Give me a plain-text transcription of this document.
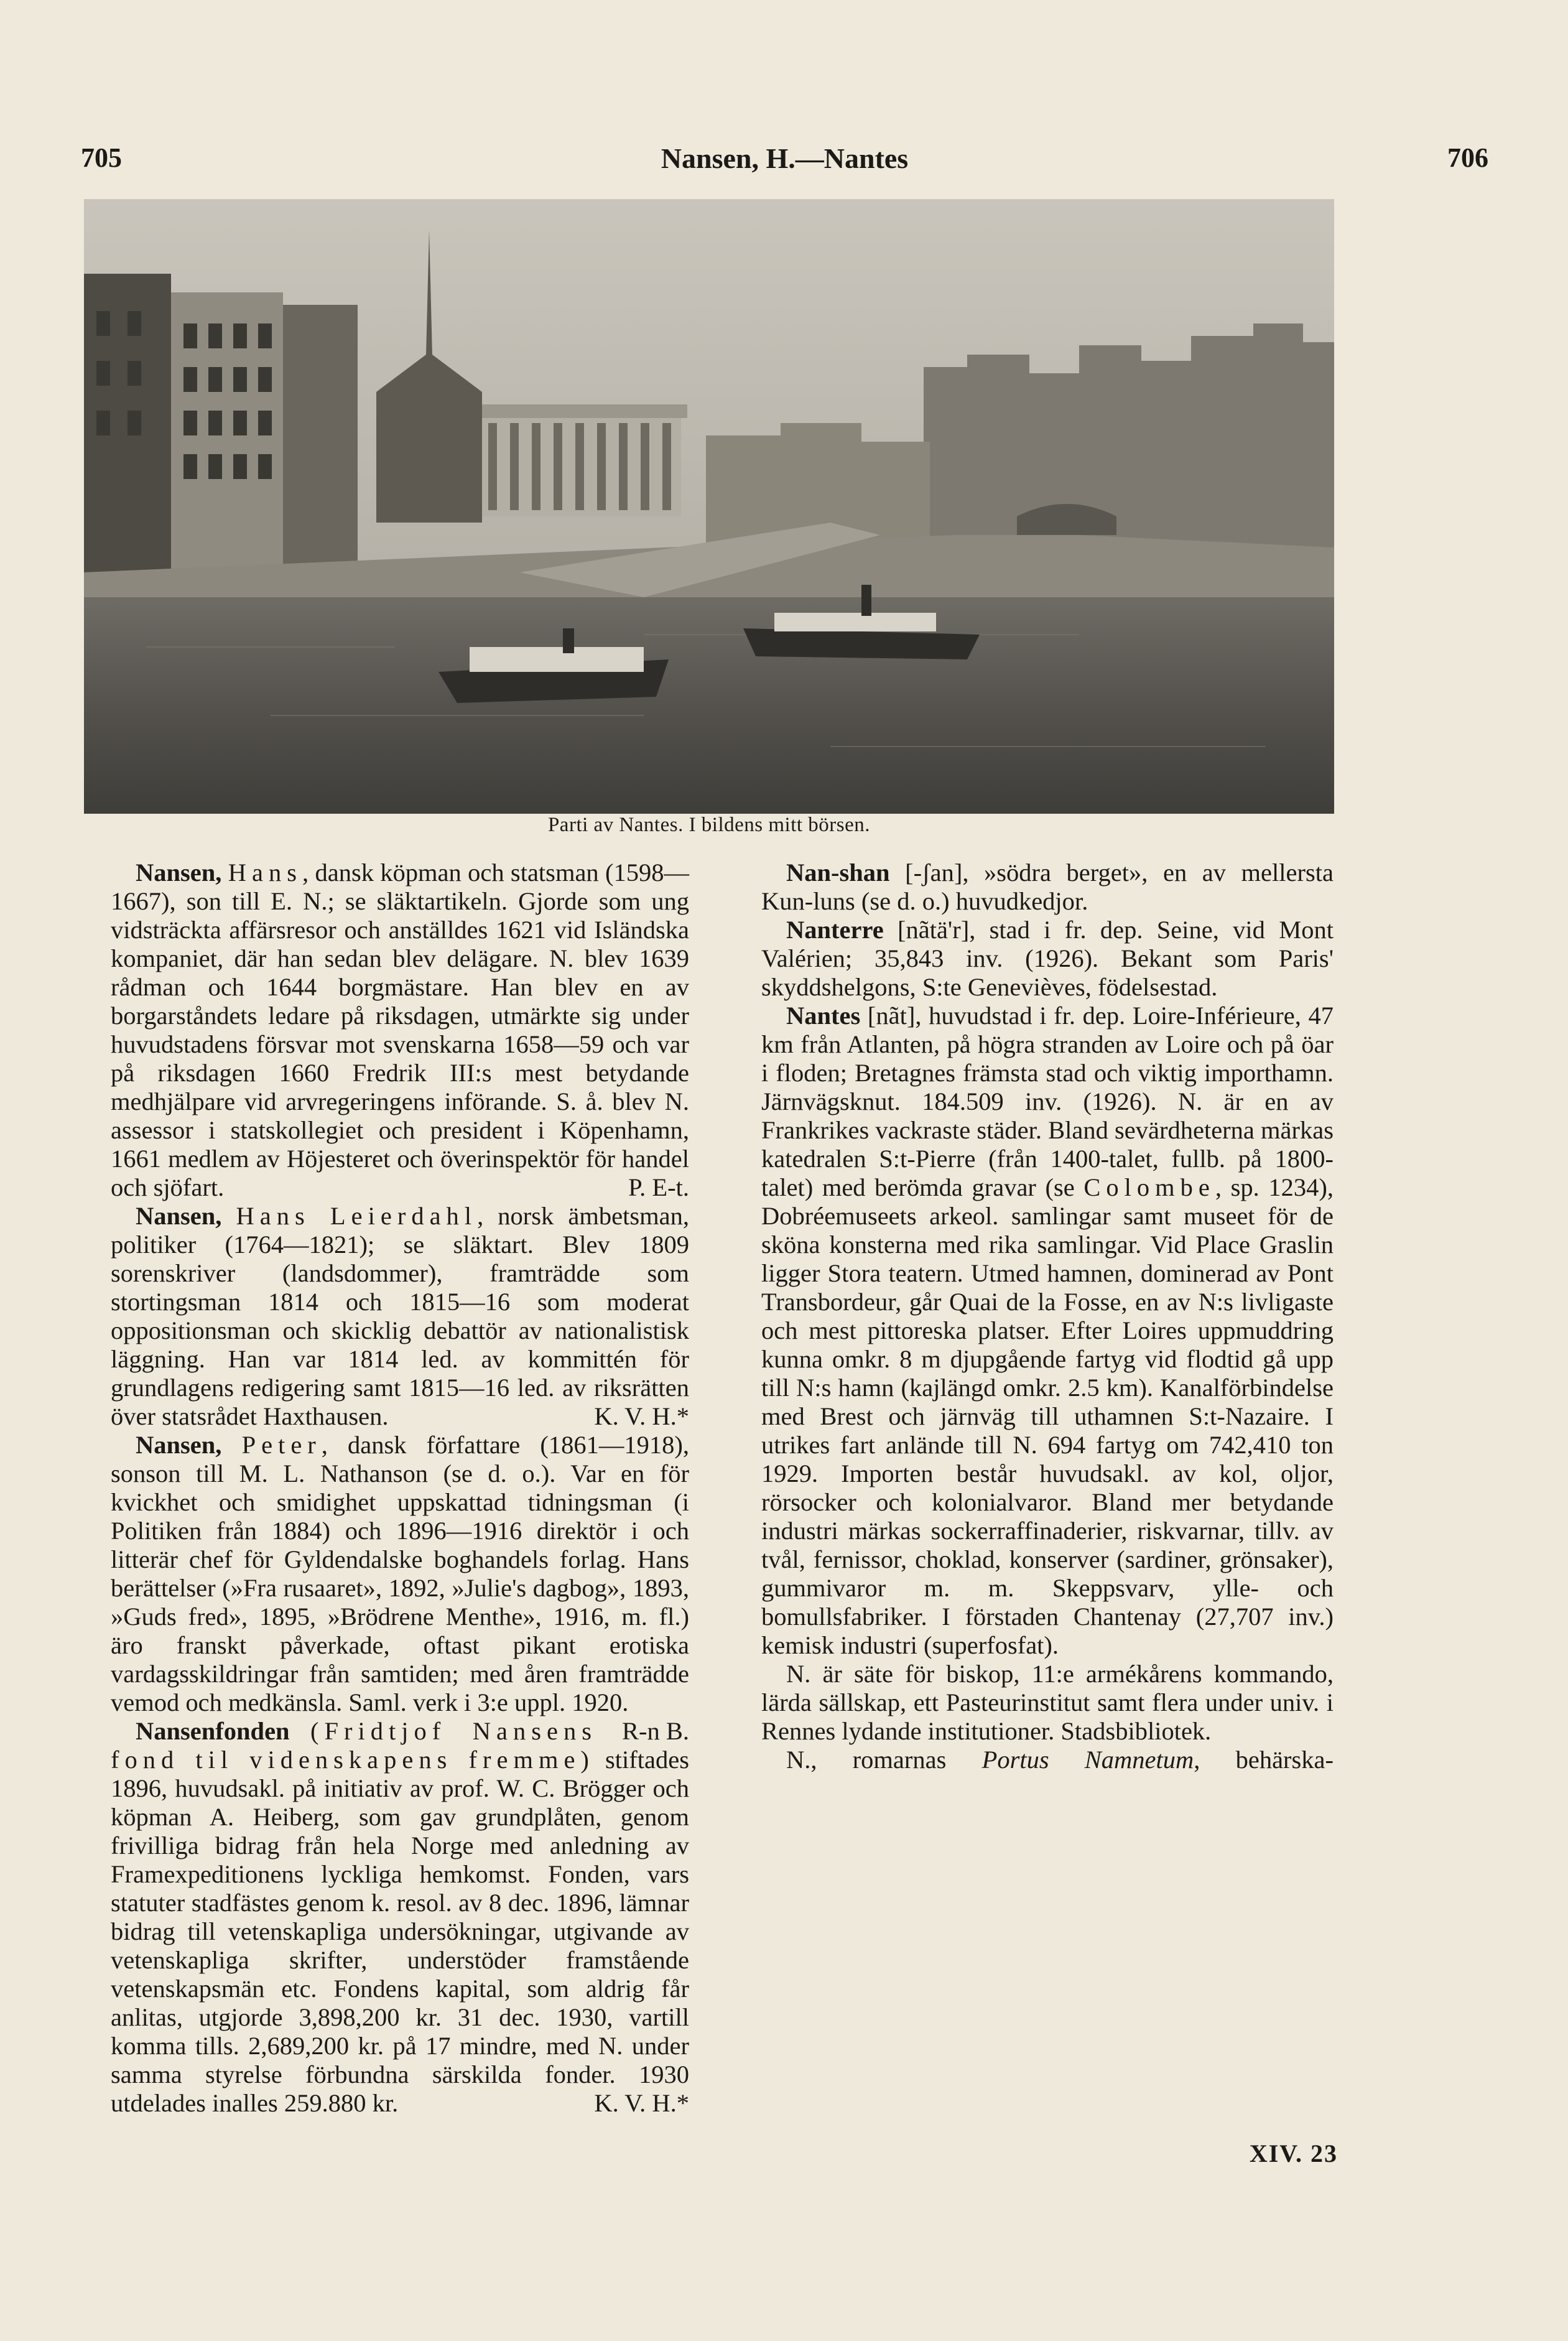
705	Nansen, H.—Nantes	706
Parti av Nantes. I bildens mitt börsen.

Nansen, Hans, dansk köpman och statsman (1598—1667), son till E. N.; se släktartikeln. Gjorde som ung vidsträckta affärsresor och anställdes 1621 vid Isländska kompaniet, där han sedan blev delägare. N. blev 1639 rådman och 1644 borgmästare. Han blev en av borgarståndets ledare på riksdagen, utmärkte sig under huvudstadens försvar mot svenskarna 1658—59 och var på riksdagen 1660 Fredrik III:s mest betydande medhjälpare vid arvregeringens införande. S. å. blev N. assessor i statskollegiet och president i Köpenhamn, 1661 medlem av Höjesteret och överinspektör för handel och sjöfart.	P. E-t.

Nansen, Hans Leierdahl, norsk ämbetsman, politiker (1764—1821); se släktart. Blev 1809 sorenskriver (landsdommer), framträdde som stortingsman 1814 och 1815—16 som moderat oppositionsman och skicklig debattör av nationalistisk läggning. Han var 1814 led. av kommittén för grundlagens redigering samt 1815—16 led. av riksrätten över statsrådet Haxthausen.	K. V. H.*

Nansen, Peter, dansk författare (1861—1918), sonson till M. L. Nathanson (se d. o.). Var en för kvickhet och smidighet uppskattad tidningsman (i Politiken från 1884) och 1896—1916 direktör i och litterär chef för Gyldendalske boghandels forlag. Hans berättelser (»Fra rusaaret», 1892, »Julie's dagbog», 1893, »Guds fred», 1895, »Brödrene Menthe», 1916, m. fl.) äro franskt påverkade, oftast pikant erotiska vardagsskildringar från samtiden; med åren framträdde vemod och medkänsla. Saml. verk i 3:e uppl. 1920.
R-n B.

Nansenfonden (Fridtjof Nansens fond til videnskapens fremme) stiftades 1896, huvudsakl. på initiativ av prof. W. C. Brögger och köpman A. Heiberg, som gav grundplåten, genom frivilliga bidrag från hela Norge med anledning av Framexpeditionens lyckliga hemkomst. Fonden, vars statuter stadfästes genom k. resol. av 8 dec. 1896, lämnar bidrag till vetenskapliga undersökningar, utgivande av vetenskapliga skrifter, understöder framstående vetenskapsmän etc. Fondens kapital, som aldrig får anlitas, utgjorde 3,898,200 kr. 31 dec. 1930, vartill komma tills. 2,689,200 kr. på 17 mindre, med N. under samma styrelse förbundna särskilda fonder. 1930 utdelades inalles 259.880 kr.	K. V. H.*

Nan-shan [-ʃan], »södra berget», en av mellersta Kun-luns (se d. o.) huvudkedjor.

Nanterre [nãtä'r], stad i fr. dep. Seine, vid Mont Valérien; 35,843 inv. (1926). Bekant som Paris' skyddshelgons, S:te Genevièves, födelsestad.

Nantes [nãt], huvudstad i fr. dep. Loire-Inférieure, 47 km från Atlanten, på högra stranden av Loire och på öar i floden; Bretagnes främsta stad och viktig importhamn. Järnvägsknut. 184.509 inv. (1926). N. är en av Frankrikes vackraste städer. Bland sevärdheterna märkas katedralen S:t-Pierre (från 1400-talet, fullb. på 1800-talet) med berömda gravar (se Colombe, sp. 1234), Dobréemuseets arkeol. samlingar samt museet för de sköna konsterna med rika samlingar. Vid Place Graslin ligger Stora teatern. Utmed hamnen, dominerad av Pont Transbordeur, går Quai de la Fosse, en av N:s livligaste och mest pittoreska platser. Efter Loires uppmuddring kunna omkr. 8 m djupgående fartyg vid flodtid gå upp till N:s hamn (kajlängd omkr. 2.5 km). Kanalförbindelse med Brest och järnväg till uthamnen S:t-Nazaire. I utrikes fart anlände till N. 694 fartyg om 742,410 ton 1929. Importen består huvudsakl. av kol, oljor, rörsocker och kolonialvaror. Bland mer betydande industri märkas sockerraffinaderier, riskvarnar, tillv. av tvål, fernissor, choklad, konserver (sardiner, grönsaker), gummivaror m. m. Skeppsvarv, ylle- och bomullsfabriker. I förstaden Chantenay (27,707 inv.) kemisk industri (superfosfat).

N. är säte för biskop, 11:e armékårens kommando, lärda sällskap, ett Pasteurinstitut samt flera under univ. i Rennes lydande institutioner. Stadsbibliotek.

N., romarnas Portus Namnetum, behärska-

XIV. 23
